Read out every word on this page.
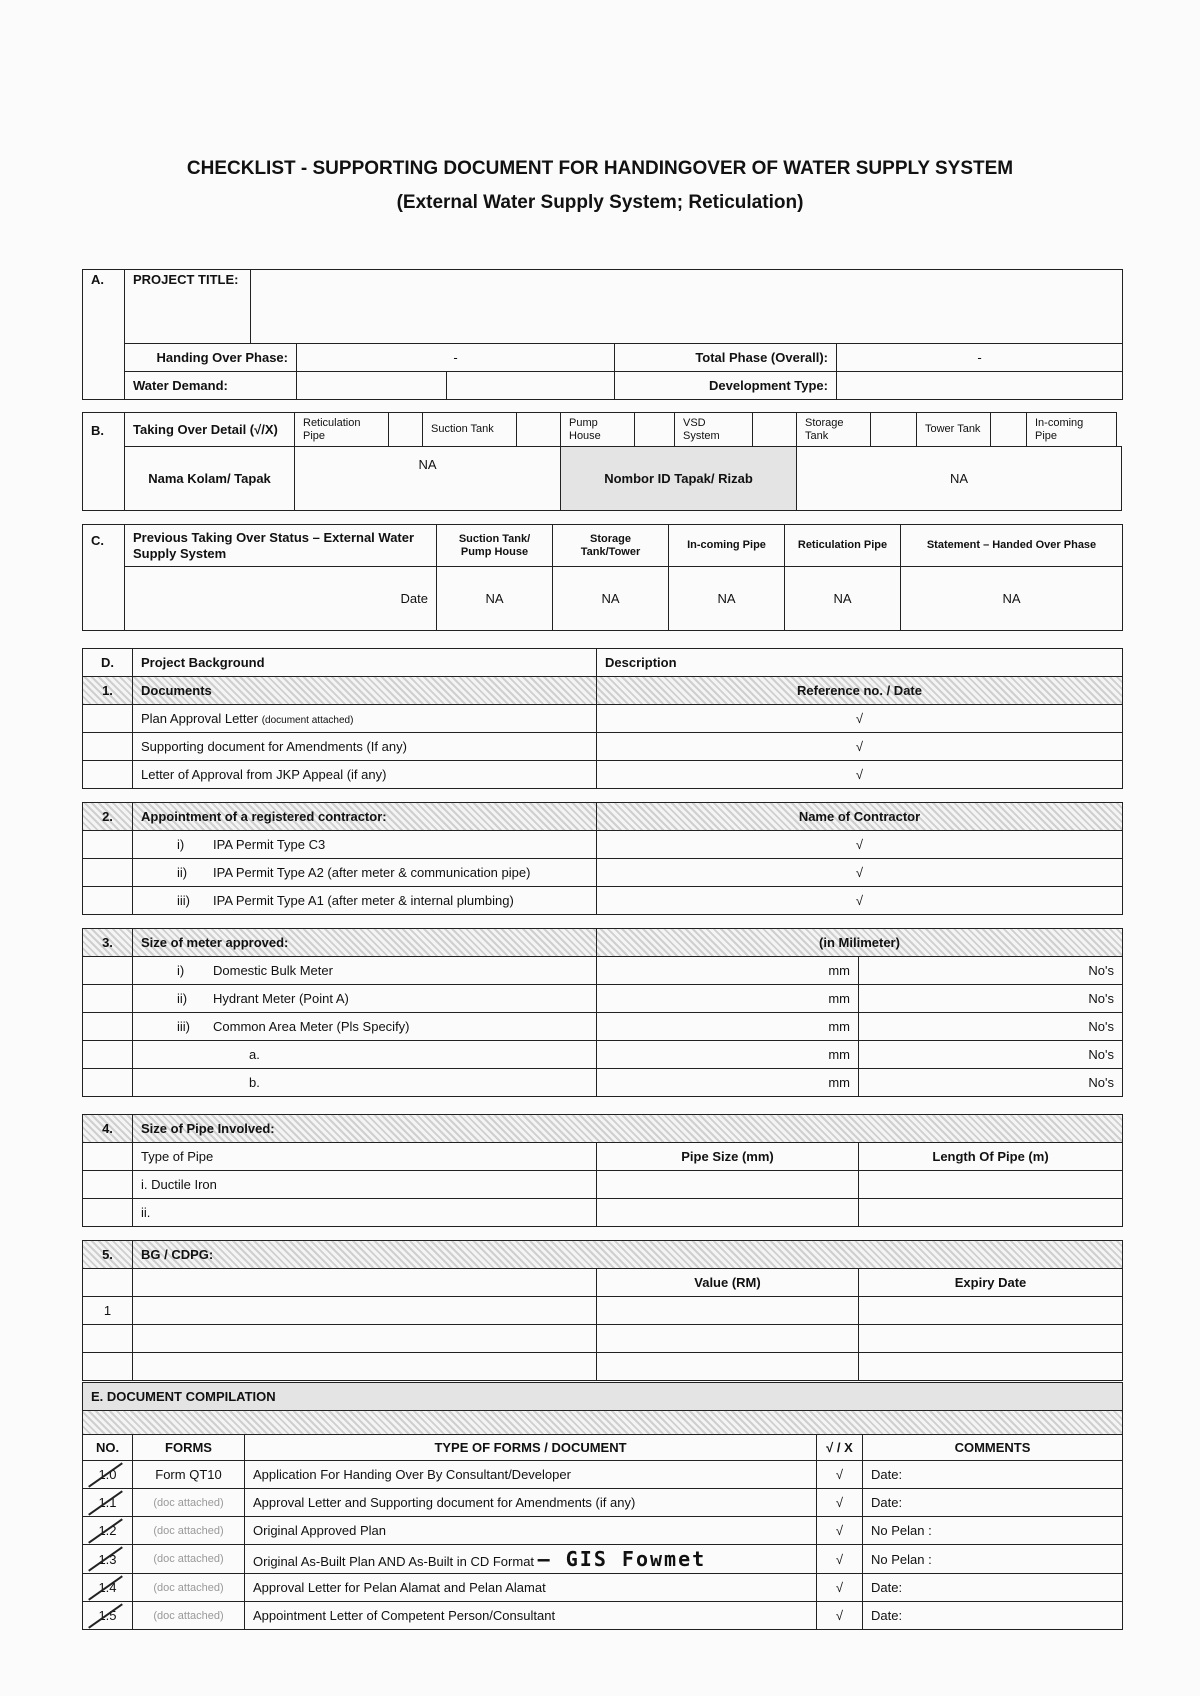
CHECKLIST - SUPPORTING DOCUMENT FOR HANDINGOVER OF WATER SUPPLY SYSTEM
(External Water Supply System; Reticulation)
A.	PROJECT TITLE:					
	Handing Over Phase:		-		Total Phase (Overall):	-
	Water Demand:				Development Type:	
B.	Taking Over Detail (√/X)	Reticulation Pipe		Suction Tank		Pump House		VSD System		Storage Tank		Tower Tank		In-coming Pipe
	Nama Kolam/ Tapak	NA				Nombor ID Tapak/ Rizab				NA				
C.	Previous Taking Over Status – External Water Supply System	Suction Tank/ Pump House	Storage Tank/Tower	In-coming Pipe	Reticulation Pipe	Statement – Handed Over Phase
	Date	NA	NA	NA	NA	NA
D.	Project Background	Description
1.	Documents	Reference no. / Date
	Plan Approval Letter (document attached)	√
	Supporting document for Amendments (If any)	√
	Letter of Approval from JKP Appeal (if any)	√
2.	Appointment of a registered contractor:	Name of Contractor
	i) IPA Permit Type C3	√
	ii) IPA Permit Type A2 (after meter & communication pipe)	√
	iii) IPA Permit Type A1 (after meter & internal plumbing)	√
3.	Size of meter approved:	(in Milimeter)	
	i) Domestic Bulk Meter	mm	No's
	ii) Hydrant Meter (Point A)	mm	No's
	iii) Common Area Meter (Pls Specify)	mm	No's
	a.	mm	No's
	b.	mm	No's
4.	Size of Pipe Involved:		
	Type of Pipe	Pipe Size (mm)	Length Of Pipe (m)
	i. Ductile Iron		
	ii.		
5.	BG / CDPG:		
		Value (RM)	Expiry Date
1			

E. DOCUMENT COMPILATION				

NO.	FORMS	TYPE OF FORMS / DOCUMENT	√ / X	COMMENTS
1.0	Form QT10	Application For Handing Over By Consultant/Developer	√	Date:
1.1	(doc attached)	Approval Letter and Supporting document for Amendments (if any)	√	Date:
1.2	(doc attached)	Original Approved Plan	√	No Pelan :
1.3	(doc attached)	Original As-Built Plan AND As-Built in CD Format – GIS Fowmet	√	No Pelan :
1.4	(doc attached)	Approval Letter for Pelan Alamat and Pelan Alamat	√	Date:
1.5	(doc attached)	Appointment Letter of Competent Person/Consultant	√	Date:
